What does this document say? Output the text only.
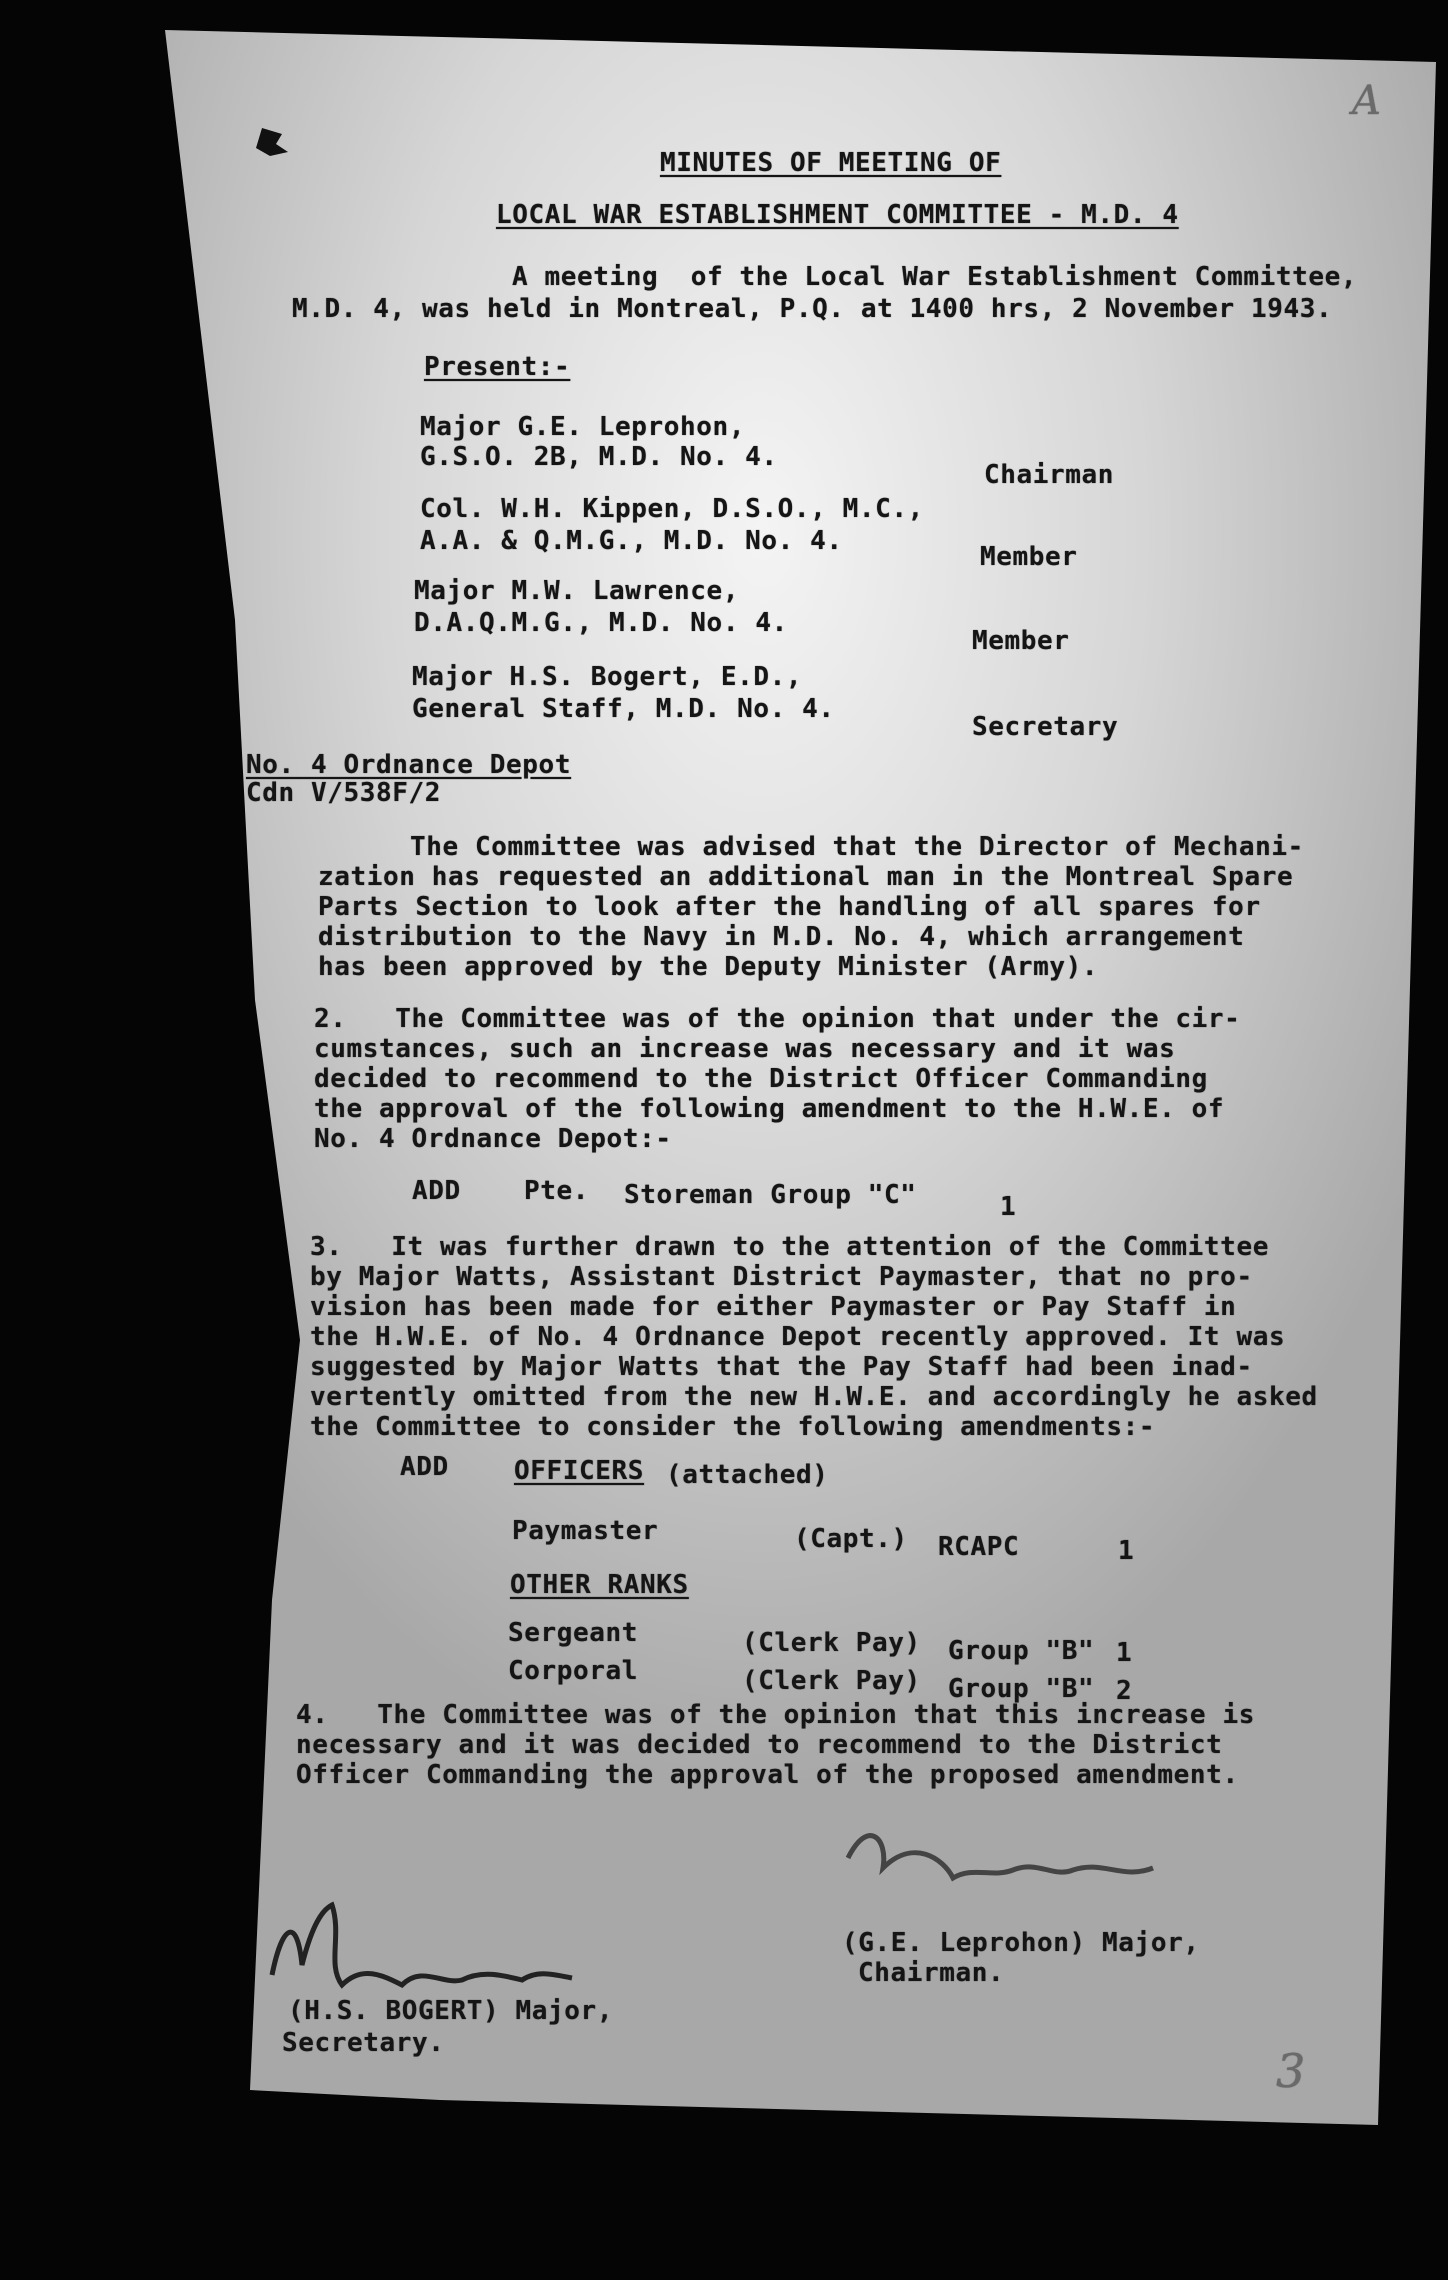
A
MINUTES OF MEETING OF
LOCAL WAR ESTABLISHMENT COMMITTEE - M.D. 4
A meeting  of the Local War Establishment Committee,
M.D. 4, was held in Montreal, P.Q. at 1400 hrs, 2 November 1943.
Present:-
Major G.E. Leprohon,
G.S.O. 2B, M.D. No. 4.
Chairman
Col. W.H. Kippen, D.S.O., M.C.,
A.A. & Q.M.G., M.D. No. 4.
Member
Major M.W. Lawrence,
D.A.Q.M.G., M.D. No. 4.
Member
Major H.S. Bogert, E.D.,
General Staff, M.D. No. 4.
Secretary
No. 4 Ordnance Depot
Cdn V/538F/2
The Committee was advised that the Director of Mechani-
zation has requested an additional man in the Montreal Spare
Parts Section to look after the handling of all spares for
distribution to the Navy in M.D. No. 4, which arrangement
has been approved by the Deputy Minister (Army).
2.   The Committee was of the opinion that under the cir-
cumstances, such an increase was necessary and it was
decided to recommend to the District Officer Commanding
the approval of the following amendment to the H.W.E. of
No. 4 Ordnance Depot:-
ADD Pte. Storeman Group "C"	1
3.   It was further drawn to the attention of the Committee
by Major Watts, Assistant District Paymaster, that no pro-
vision has been made for either Paymaster or Pay Staff in
the H.W.E. of No. 4 Ordnance Depot recently approved. It was
suggested by Major Watts that the Pay Staff had been inad-
vertently omitted from the new H.W.E. and accordingly he asked
the Committee to consider the following amendments:-
ADD	OFFICERS (attached)
Paymaster	(Capt.) RCAPC	1
OTHER RANKS
Sergeant	(Clerk Pay) Group "B" 1
Corporal	(Clerk Pay) Group "B" 2
4.   The Committee was of the opinion that this increase is
necessary and it was decided to recommend to the District
Officer Commanding the approval of the proposed amendment.
(G.E. Leprohon) Major,
Chairman.
(H.S. BOGERT) Major,
Secretary.
3
